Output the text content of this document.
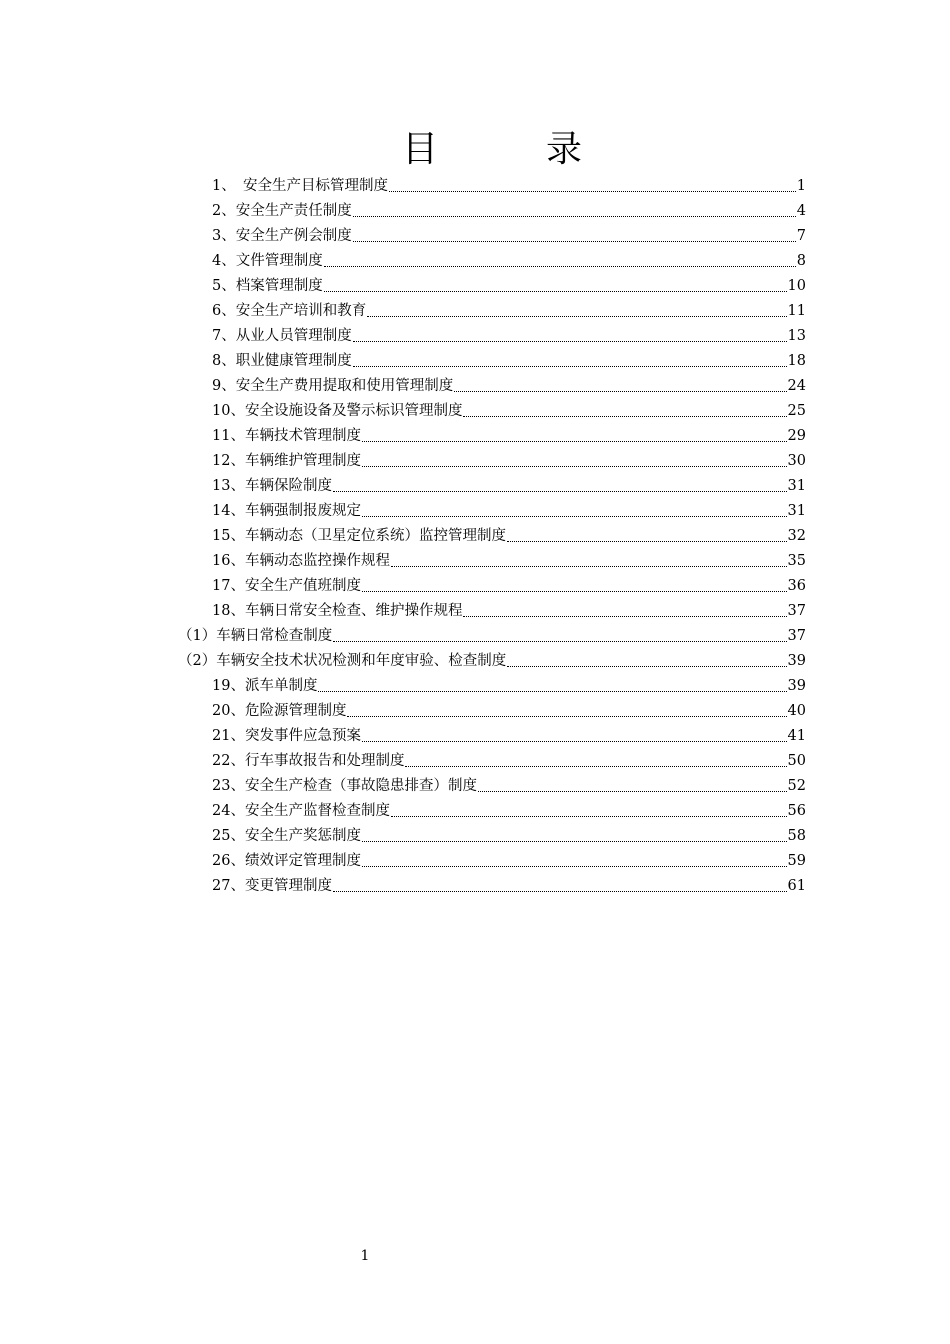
目　录
1、　安全生产目标管理制度	1
2、安全生产责任制度	4
3、安全生产例会制度	7
4、文件管理制度	8
5、档案管理制度	10
6、安全生产培训和教育	11
7、从业人员管理制度	13
8、职业健康管理制度	18
9、安全生产费用提取和使用管理制度	24
10、安全设施设备及警示标识管理制度	25
11、车辆技术管理制度	29
12、车辆维护管理制度	30
13、车辆保险制度	31
14、车辆强制报废规定	31
15、车辆动态（卫星定位系统）监控管理制度	32
16、车辆动态监控操作规程	35
17、安全生产值班制度	36
18、车辆日常安全检查、维护操作规程	37
（1）车辆日常检查制度	37
（2）车辆安全技术状况检测和年度审验、检查制度	39
19、派车单制度	39
20、危险源管理制度	40
21、突发事件应急预案	41
22、行车事故报告和处理制度	50
23、安全生产检查（事故隐患排查）制度	52
24、安全生产监督检查制度	56
25、安全生产奖惩制度	58
26、绩效评定管理制度	59
27、变更管理制度	61
1
